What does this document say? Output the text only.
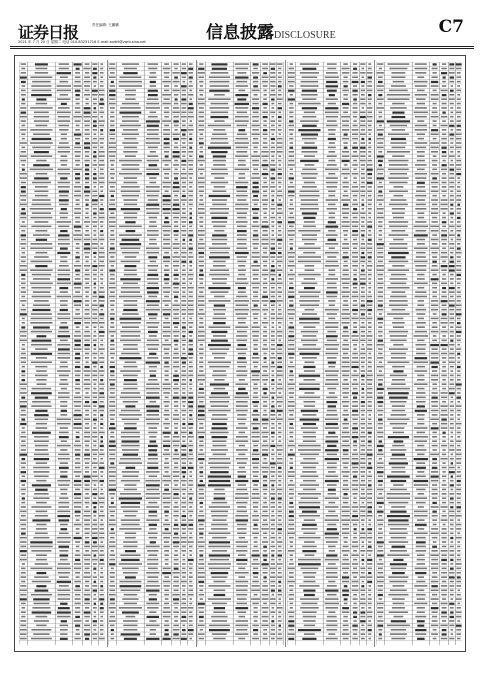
证券日报	责任编辑: 王鹏鹏
2021 年 7 月 20 日 星期二 电话 010-83251716 E-mail:zqrb9@zqrb.sina.net	信息披露DISCLOSURE	C7
